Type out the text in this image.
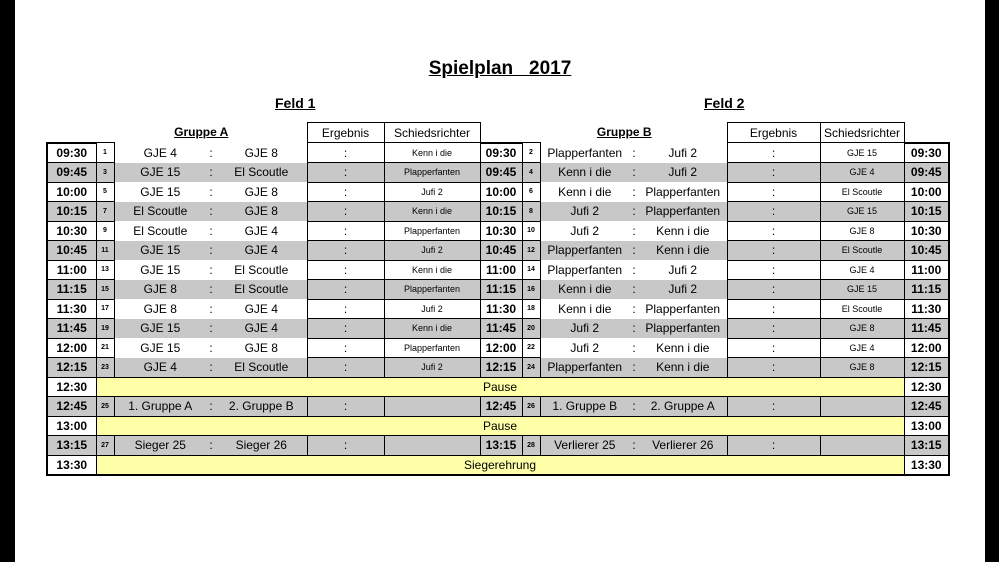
Spielplan   2017
Feld 1	Feld 2
	Gruppe A				Ergebnis	Schiedsrichter		Gruppe B				Ergebnis	Schiedsrichter	
09:30	1	GJE 4	:	GJE 8	:	Kenn i die	09:30	2	Plapperfanten	:	Jufi 2	:	GJE 15	09:30
09:45	3	GJE 15	:	El Scoutle	:	Plapperfanten	09:45	4	Kenn i die	:	Jufi 2	:	GJE 4	09:45
10:00	5	GJE 15	:	GJE 8	:	Jufi 2	10:00	6	Kenn i die	:	Plapperfanten	:	El Scoutle	10:00
10:15	7	El Scoutle	:	GJE 8	:	Kenn i die	10:15	8	Jufi 2	:	Plapperfanten	:	GJE 15	10:15
10:30	9	El Scoutle	:	GJE 4	:	Plapperfanten	10:30	10	Jufi 2	:	Kenn i die	:	GJE 8	10:30
10:45	11	GJE 15	:	GJE 4	:	Jufi 2	10:45	12	Plapperfanten	:	Kenn i die	:	El Scoutle	10:45
11:00	13	GJE 15	:	El Scoutle	:	Kenn i die	11:00	14	Plapperfanten	:	Jufi 2	:	GJE 4	11:00
11:15	15	GJE 8	:	El Scoutle	:	Plapperfanten	11:15	16	Kenn i die	:	Jufi 2	:	GJE 15	11:15
11:30	17	GJE 8	:	GJE 4	:	Jufi 2	11:30	18	Kenn i die	:	Plapperfanten	:	El Scoutle	11:30
11:45	19	GJE 15	:	GJE 4	:	Kenn i die	11:45	20	Jufi 2	:	Plapperfanten	:	GJE 8	11:45
12:00	21	GJE 15	:	GJE 8	:	Plapperfanten	12:00	22	Jufi 2	:	Kenn i die	:	GJE 4	12:00
12:15	23	GJE 4	:	El Scoutle	:	Jufi 2	12:15	24	Plapperfanten	:	Kenn i die	:	GJE 8	12:15
12:30	Pause													12:30
12:45	25	1. Gruppe A	:	2. Gruppe B	:		12:45	26	1. Gruppe B	:	2. Gruppe A	:		12:45
13:00	Pause													13:00
13:15	27	Sieger 25	:	Sieger 26	:		13:15	28	Verlierer 25	:	Verlierer 26	:		13:15
13:30	Siegerehrung													13:30
